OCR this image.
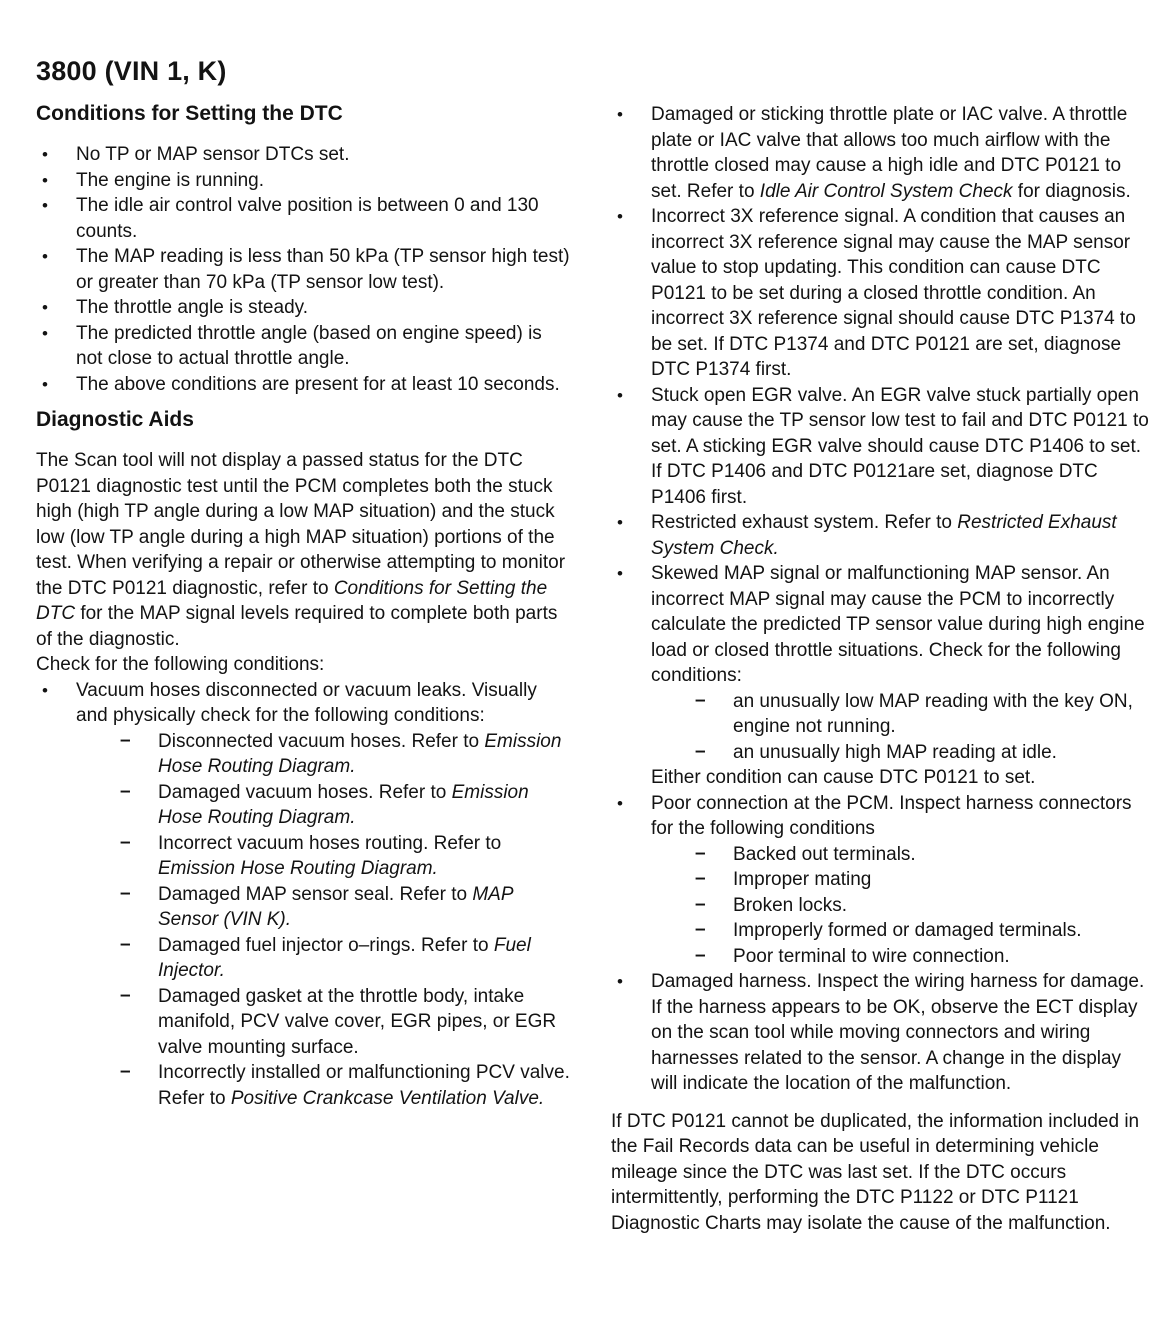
3800 (VIN 1, K)
Conditions for Setting the DTC
• No TP or MAP sensor DTCs set.
• The engine is running.
• The idle air control valve position is between 0 and 130 counts.
• The MAP reading is less than 50 kPa (TP sensor high test) or greater than 70 kPa (TP sensor low test).
• The throttle angle is steady.
• The predicted throttle angle (based on engine speed) is not close to actual throttle angle.
• The above conditions are present for at least 10 seconds.
Diagnostic Aids
The Scan tool will not display a passed status for the DTC P0121 diagnostic test until the PCM completes both the stuck high (high TP angle during a low MAP situation) and the stuck low (low TP angle during a high MAP situation) portions of the test. When verifying a repair or otherwise attempting to monitor the DTC P0121 diagnostic, refer to Conditions for Setting the DTC for the MAP signal levels required to complete both parts of the diagnostic.
Check for the following conditions:
• Vacuum hoses disconnected or vacuum leaks. Visually and physically check for the following conditions:
– Disconnected vacuum hoses. Refer to Emission Hose Routing Diagram.
– Damaged vacuum hoses. Refer to Emission Hose Routing Diagram.
– Incorrect vacuum hoses routing. Refer to Emission Hose Routing Diagram.
– Damaged MAP sensor seal. Refer to MAP Sensor (VIN K).
– Damaged fuel injector o–rings. Refer to Fuel Injector.
– Damaged gasket at the throttle body, intake manifold, PCV valve cover, EGR pipes, or EGR valve mounting surface.
– Incorrectly installed or malfunctioning PCV valve. Refer to Positive Crankcase Ventilation Valve.
• Damaged or sticking throttle plate or IAC valve. A throttle plate or IAC valve that allows too much airflow with the throttle closed may cause a high idle and DTC P0121 to set. Refer to Idle Air Control System Check for diagnosis.
• Incorrect 3X reference signal. A condition that causes an incorrect 3X reference signal may cause the MAP sensor value to stop updating. This condition can cause DTC P0121 to be set during a closed throttle condition. An incorrect 3X reference signal should cause DTC P1374 to be set. If DTC P1374 and DTC P0121 are set, diagnose DTC P1374 first.
• Stuck open EGR valve. An EGR valve stuck partially open may cause the TP sensor low test to fail and DTC P0121 to set. A sticking EGR valve should cause DTC P1406 to set. If DTC P1406 and DTC P0121are set, diagnose DTC P1406 first.
• Restricted exhaust system. Refer to Restricted Exhaust System Check.
• Skewed MAP signal or malfunctioning MAP sensor. An incorrect MAP signal may cause the PCM to incorrectly calculate the predicted TP sensor value during high engine load or closed throttle situations. Check for the following conditions:
– an unusually low MAP reading with the key ON, engine not running.
– an unusually high MAP reading at idle.
Either condition can cause DTC P0121 to set.
• Poor connection at the PCM. Inspect harness connectors for the following conditions
– Backed out terminals.
– Improper mating
– Broken locks.
– Improperly formed or damaged terminals.
– Poor terminal to wire connection.
• Damaged harness. Inspect the wiring harness for damage. If the harness appears to be OK, observe the ECT display on the scan tool while moving connectors and wiring harnesses related to the sensor. A change in the display will indicate the location of the malfunction.
If DTC P0121 cannot be duplicated, the information included in the Fail Records data can be useful in determining vehicle mileage since the DTC was last set. If the DTC occurs intermittently, performing the DTC P1122 or DTC P1121 Diagnostic Charts may isolate the cause of the malfunction.
